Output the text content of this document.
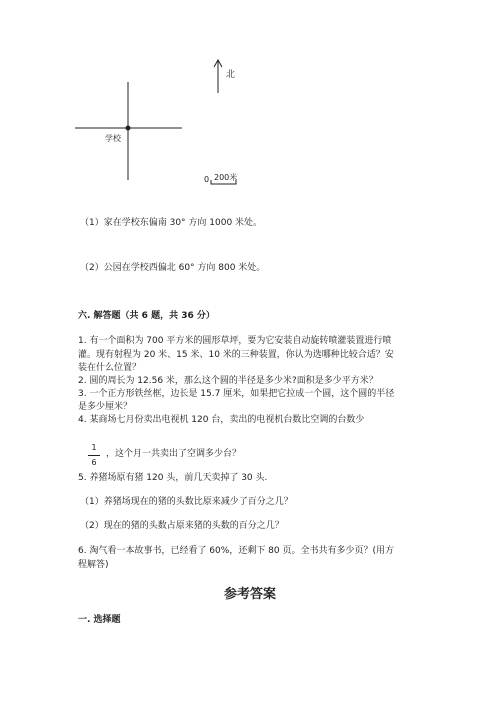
北
学校
0 200米
（1）家在学校东偏南 30° 方向 1000 米处。
（2）公园在学校西偏北 60° 方向 800 米处。
六. 解答题（共 6 题，共 36 分）
1. 有一个面积为 700 平方米的圆形草坪，要为它安装自动旋转喷灌装置进行喷
灌。现有射程为 20 米、15 米、10 米的三种装置，你认为选哪种比较合适？安
装在什么位置？
2. 圆的周长为 12.56 米，那么这个圆的半径是多少米?面积是多少平方米？
3. 一个正方形铁丝框，边长是 15.7 厘米，如果把它拉成一个圆，这个圆的半径
是多少厘米？
4. 某商场七月份卖出电视机 120 台，卖出的电视机台数比空调的台数少
1
6
，这个月一共卖出了空调多少台？
5. 养猪场原有猪 120 头，前几天卖掉了 30 头.
（1）养猪场现在的猪的头数比原来减少了百分之几？
（2）现在的猪的头数占原来猪的头数的百分之几？
6. 淘气看一本故事书，已经看了 60%，还剩下 80 页。全书共有多少页？(用方
程解答)
参考答案
一. 选择题
